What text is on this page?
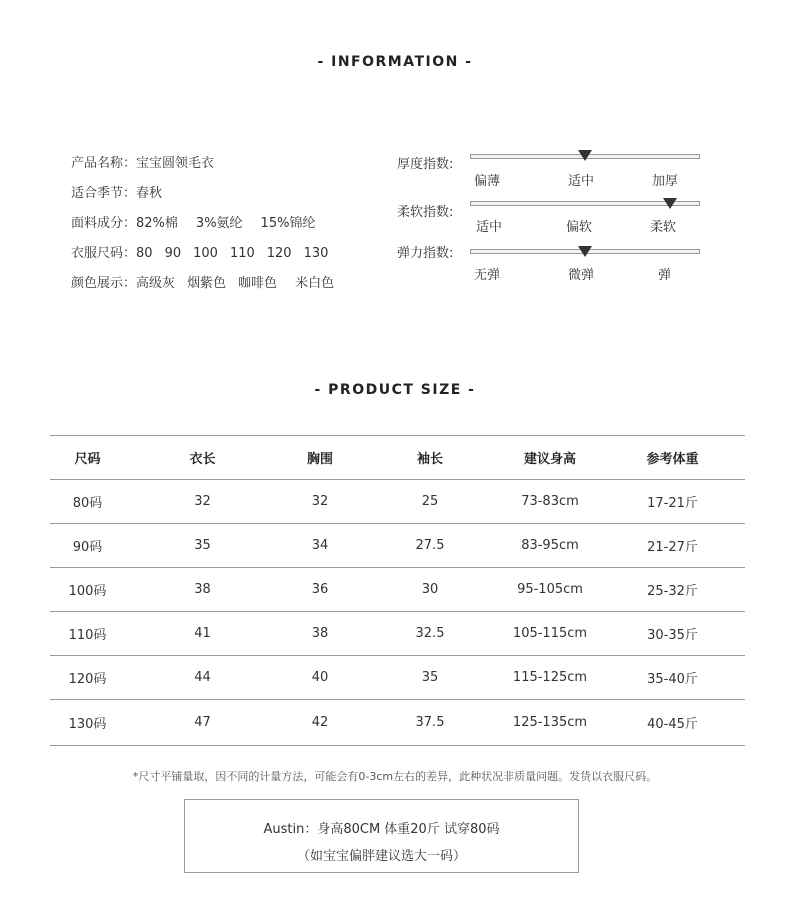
- INFORMATION -
产品名称：宝宝圆领毛衣
适合季节：春秋
面料成分：82%棉 3%氨纶 15%锦纶
衣服尺码：80 90 100 110 120 130
颜色展示：高级灰 烟紫色 咖啡色 米白色
厚度指数:
偏薄	适中	加厚
柔软指数:
适中	偏软	柔软
弹力指数:
无弹	微弹	弹
- PRODUCT SIZE -
尺码	衣长	胸围	袖长	建议身高	参考体重
80码	32	32	25	73-83cm	17-21斤
90码	35	34	27.5	83-95cm	21-27斤
100码	38	36	30	95-105cm	25-32斤
110码	41	38	32.5	105-115cm	30-35斤
120码	44	40	35	115-125cm	35-40斤
130码	47	42	37.5	125-135cm	40-45斤
*尺寸平铺量取，因不同的计量方法，可能会有0-3cm左右的差异，此种状况非质量问题。发货以衣服尺码。
Austin：身高80CM 体重20斤 试穿80码
（如宝宝偏胖建议选大一码）
